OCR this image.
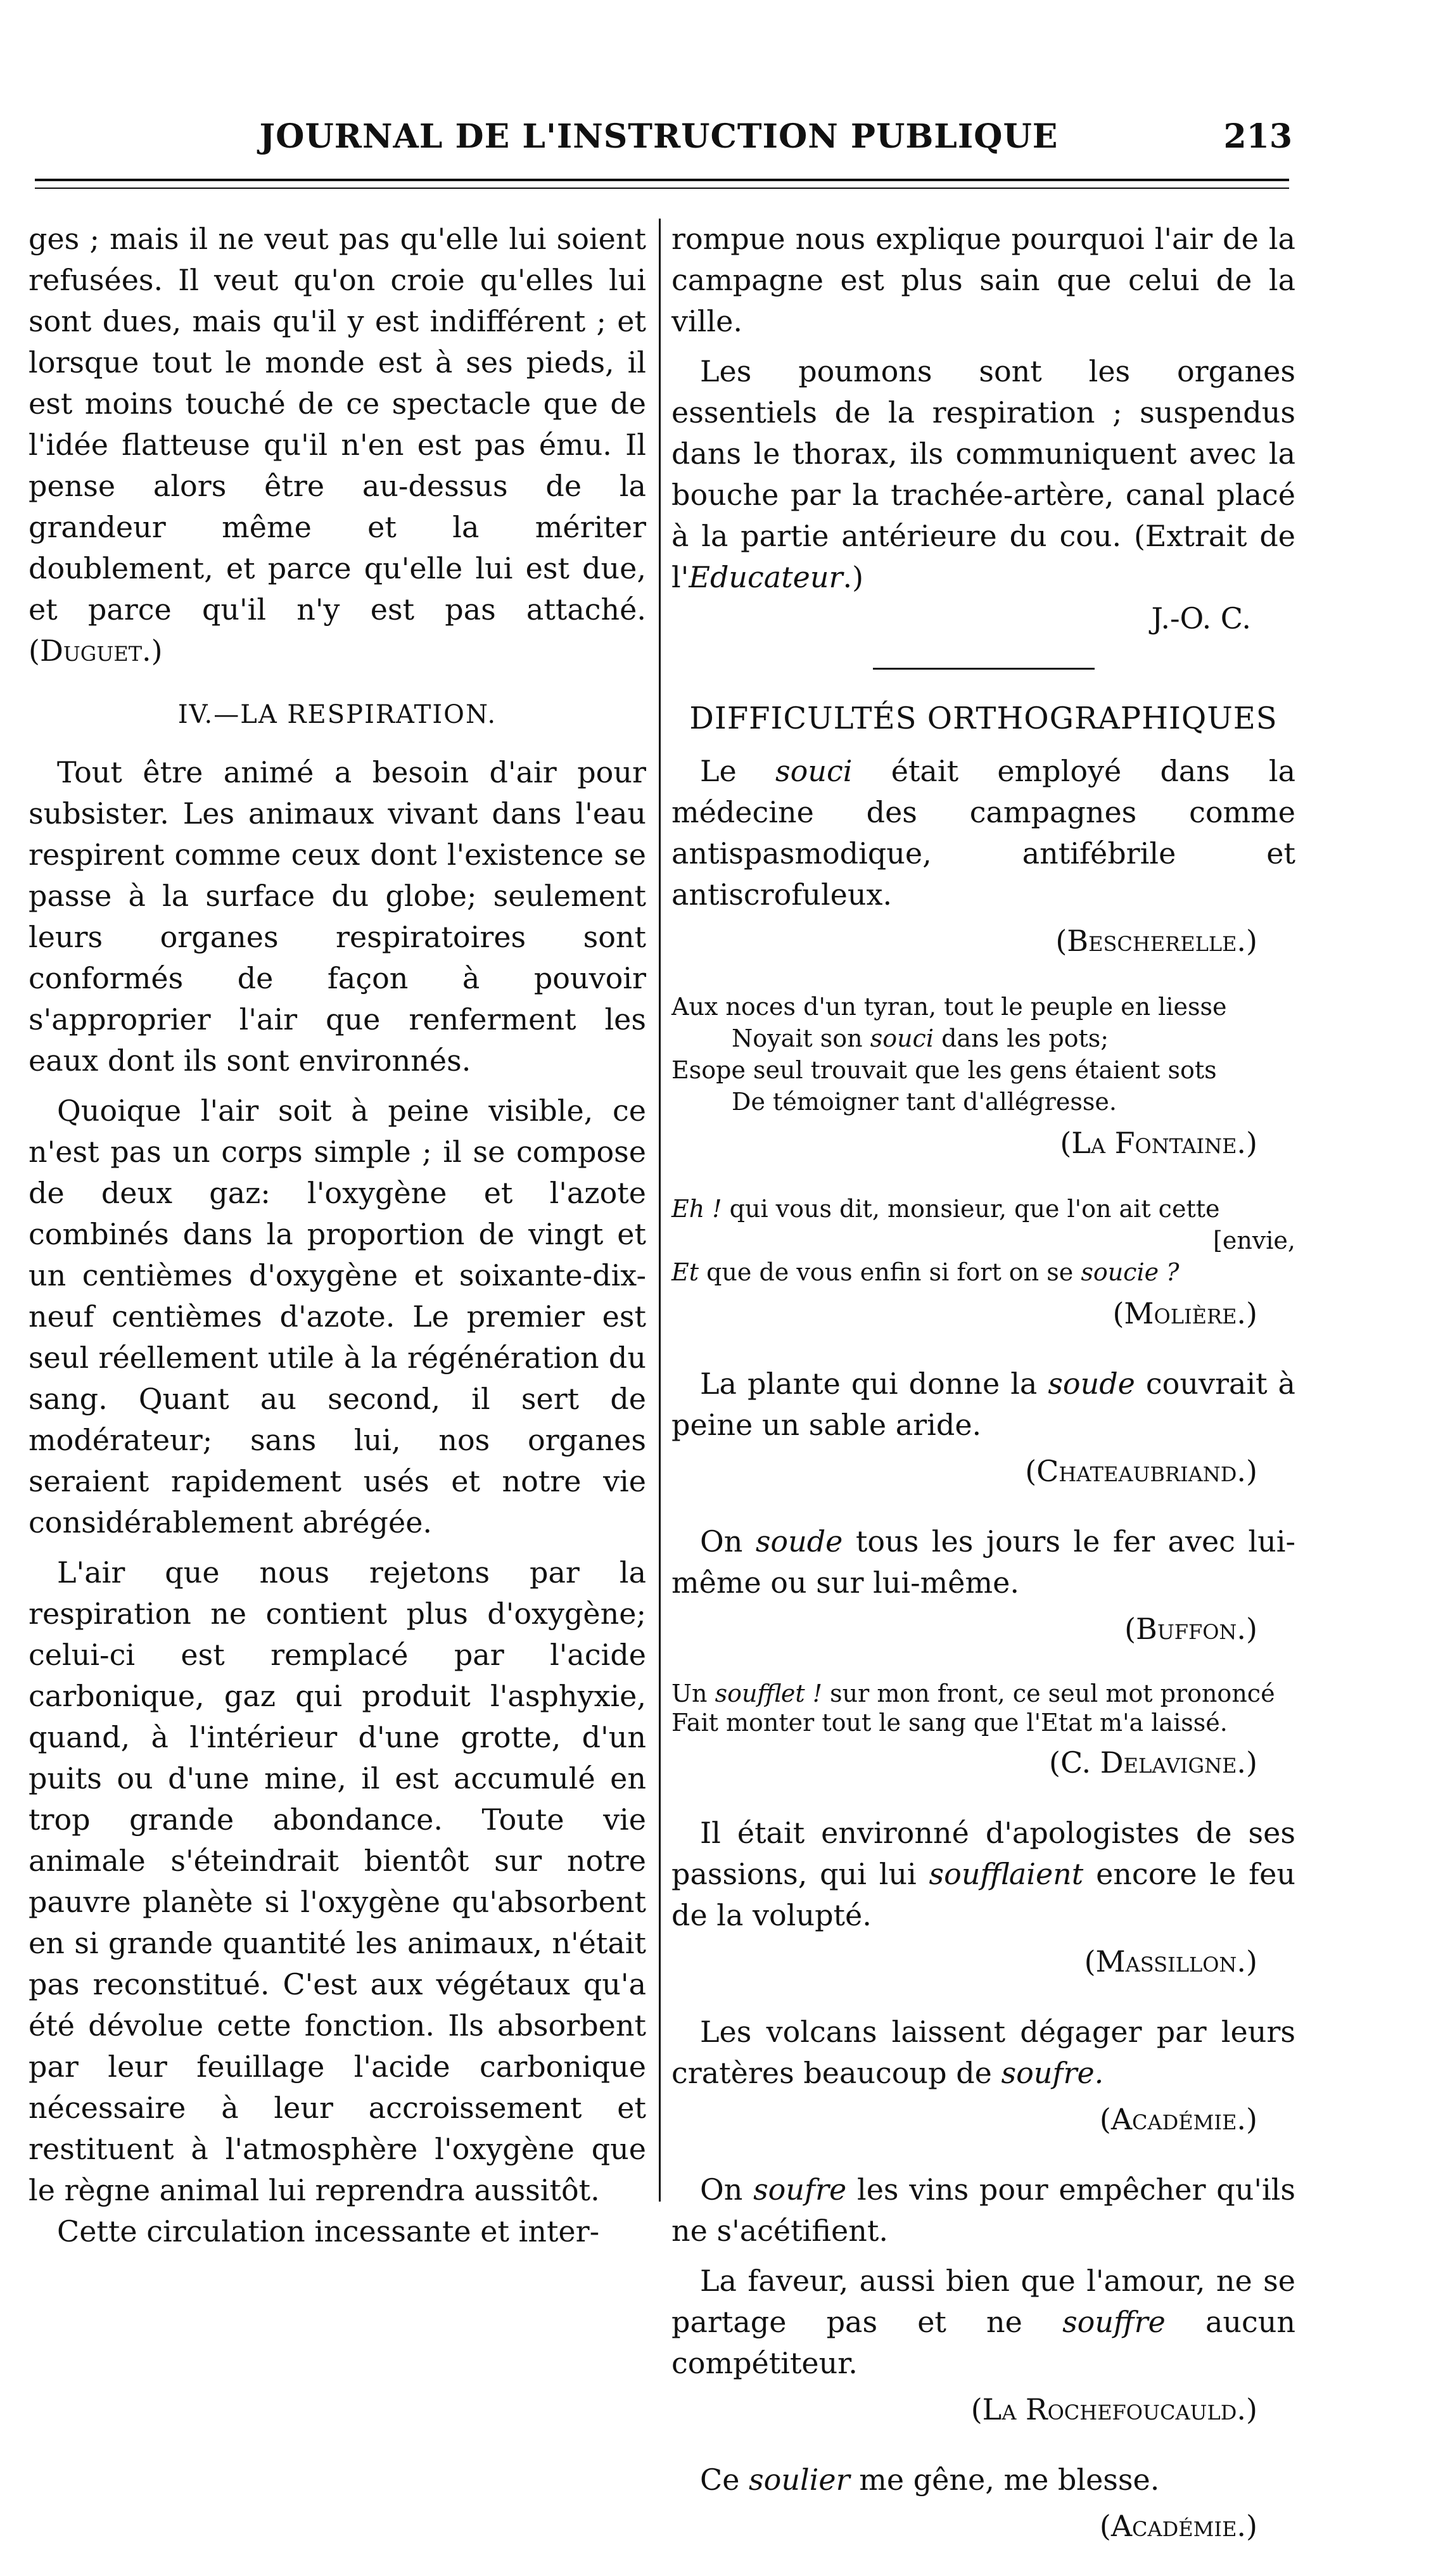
JOURNAL DE L'INSTRUCTION PUBLIQUE	213

ges ; mais il ne veut pas qu'elle lui soient refusées. Il veut qu'on croie qu'elles lui sont dues, mais qu'il y est indifférent ; et lorsque tout le monde est à ses pieds, il est moins touché de ce spectacle que de l'idée flatteuse qu'il n'en est pas ému. Il pense alors être au-dessus de la grandeur même et la mériter doublement, et parce qu'elle lui est due, et parce qu'il n'y est pas attaché. (Duguet.)

IV.—LA RESPIRATION.

Tout être animé a besoin d'air pour subsister. Les animaux vivant dans l'eau respirent comme ceux dont l'existence se passe à la surface du globe; seulement leurs organes respiratoires sont conformés de façon à pouvoir s'approprier l'air que renferment les eaux dont ils sont environnés.

Quoique l'air soit à peine visible, ce n'est pas un corps simple ; il se compose de deux gaz: l'oxygène et l'azote combinés dans la proportion de vingt et un centièmes d'oxygène et soixante-dix-neuf centièmes d'azote. Le premier est seul réellement utile à la régénération du sang. Quant au second, il sert de modérateur; sans lui, nos organes seraient rapidement usés et notre vie considérablement abrégée.

L'air que nous rejetons par la respiration ne contient plus d'oxygène; celui-ci est remplacé par l'acide carbonique, gaz qui produit l'asphyxie, quand, à l'intérieur d'une grotte, d'un puits ou d'une mine, il est accumulé en trop grande abondance. Toute vie animale s'éteindrait bientôt sur notre pauvre planète si l'oxygène qu'absorbent en si grande quantité les animaux, n'était pas reconstitué. C'est aux végétaux qu'a été dévolue cette fonction. Ils absorbent par leur feuillage l'acide carbonique nécessaire à leur accroissement et restituent à l'atmosphère l'oxygène que le règne animal lui reprendra aussitôt.

Cette circulation incessante et inter-

rompue nous explique pourquoi l'air de la campagne est plus sain que celui de la ville.

Les poumons sont les organes essentiels de la respiration ; suspendus dans le thorax, ils communiquent avec la bouche par la trachée-artère, canal placé à la partie antérieure du cou. (Extrait de l'Educateur.)

J.-O. C.

DIFFICULTÉS ORTHOGRAPHIQUES

Le souci était employé dans la médecine des campagnes comme antispasmodique, antifébrile et antiscrofuleux.

(Bescherelle.)

Aux noces d'un tyran, tout le peuple en liesse
Noyait son souci dans les pots;
Esope seul trouvait que les gens étaient sots
De témoigner tant d'allégresse.

(La Fontaine.)

Eh ! qui vous dit, monsieur, que l'on ait cette
[envie,
Et que de vous enfin si fort on se soucie ?

(Molière.)

La plante qui donne la soude couvrait à peine un sable aride.

(Chateaubriand.)

On soude tous les jours le fer avec lui-même ou sur lui-même.

(Buffon.)

Un soufflet ! sur mon front, ce seul mot prononcé
Fait monter tout le sang que l'Etat m'a laissé.

(C. Delavigne.)

Il était environné d'apologistes de ses passions, qui lui soufflaient encore le feu de la volupté.

(Massillon.)

Les volcans laissent dégager par leurs cratères beaucoup de soufre.

(Académie.)

On soufre les vins pour empêcher qu'ils ne s'acétifient.

La faveur, aussi bien que l'amour, ne se partage pas et ne souffre aucun compétiteur.

(La Rochefoucauld.)

Ce soulier me gêne, me blesse.

(Académie.)
